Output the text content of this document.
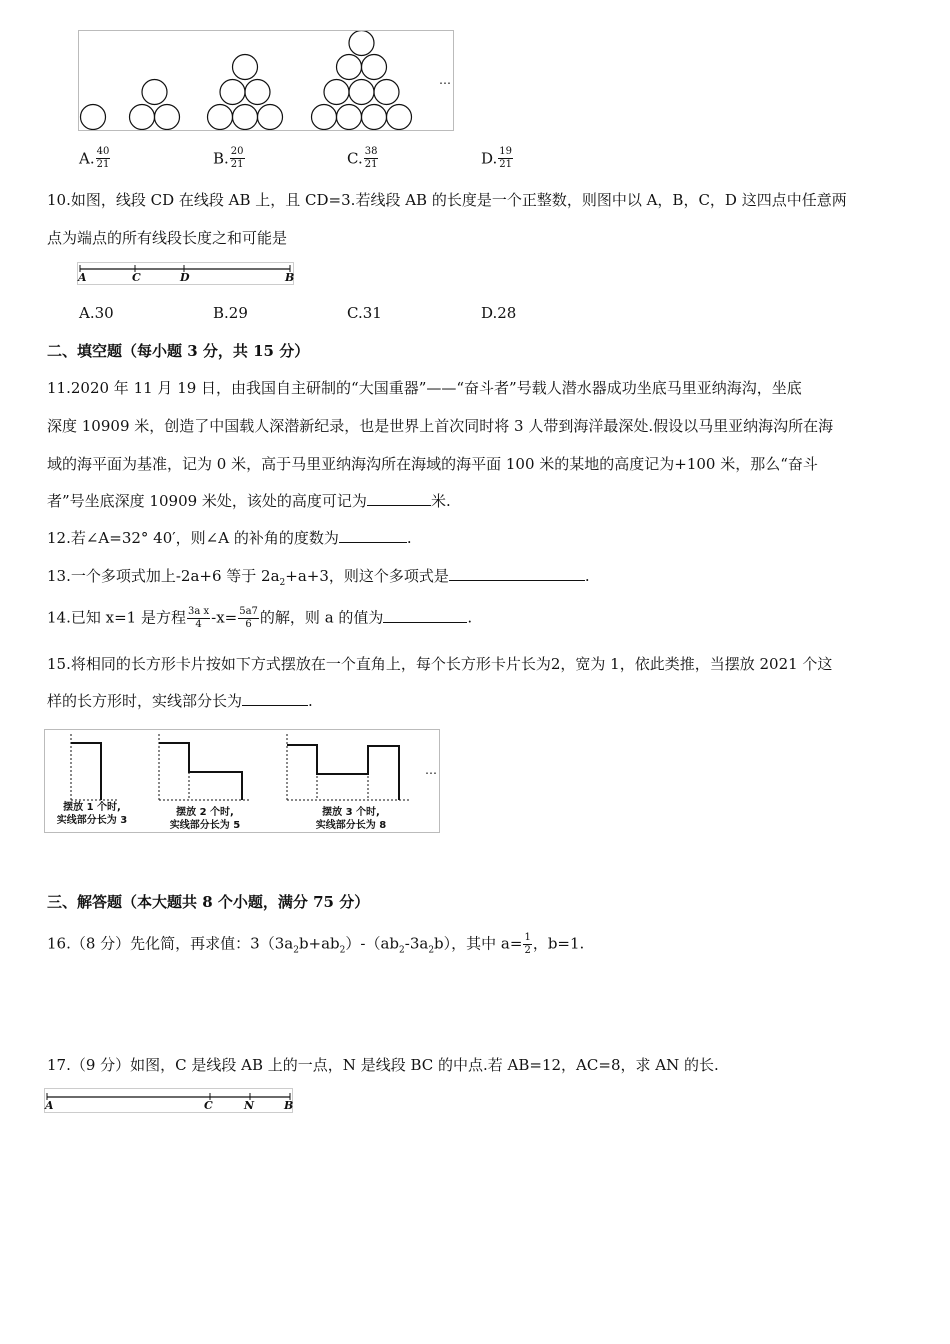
…
A. $\frac{40}{21}$	B. $\frac{20}{21}$	C. $\frac{38}{21}$	D. $\frac{19}{21}$
10.如图，线段 CD 在线段 AB 上，且 CD=3.若线段 AB 的长度是一个正整数，则图中以 A，B，C，D 这四点中任意两
点为端点的所有线段长度之和可能是
A	C	D	B
A.30	B.29	C.31	D.28
二、填空题（每小题 3 分，共 15 分）
11.2020 年 11 月 19 日，由我国自主研制的“大国重器”——“奋斗者”号载人潜水器成功坐底马里亚纳海沟，坐底
深度 10909 米，创造了中国载人深潜新纪录，也是世界上首次同时将 3 人带到海洋最深处.假设以马里亚纳海沟所在海
域的海平面为基准，记为 0 米，高于马里亚纳海沟所在海域的海平面 100 米的某地的高度记为+100 米，那么“奋斗
者”号坐底深度 10909 米处，该处的高度可记为	米.
12.若∠A=32° 40′，则∠A 的补角的度数为	.
13.一个多项式加上-2a+6 等于 $2a_2+a+3$，则这个多项式是	.
14.已知 x=1 是方程 $\frac{\text{3a x}}{4} -x= \frac{5a7}{6}$ 的解，则 a 的值为	.
15.将相同的长方形卡片按如下方式摆放在一个直角上，每个长方形卡片长为2，宽为 1，依此类推，当摆放 2021 个这
样的长方形时，实线部分长为	.
摆放 1 个时,
实线部分长为 3
摆放 2 个时,
实线部分长为 5
摆放 3 个时,
实线部分长为 8
…
三、解答题（本大题共 8 个小题，满分 75 分）
16.（8 分）先化简，再求值：$3(3a_2b+ab_2)-(ab_2-3a_2b)$，其中 $a= \frac{1}{2}$ ，b=1.
17.（9 分）如图，C 是线段 AB 上的一点，N 是线段 BC 的中点.若 AB=12，AC=8，求 AN 的长.
A	C	N	B
